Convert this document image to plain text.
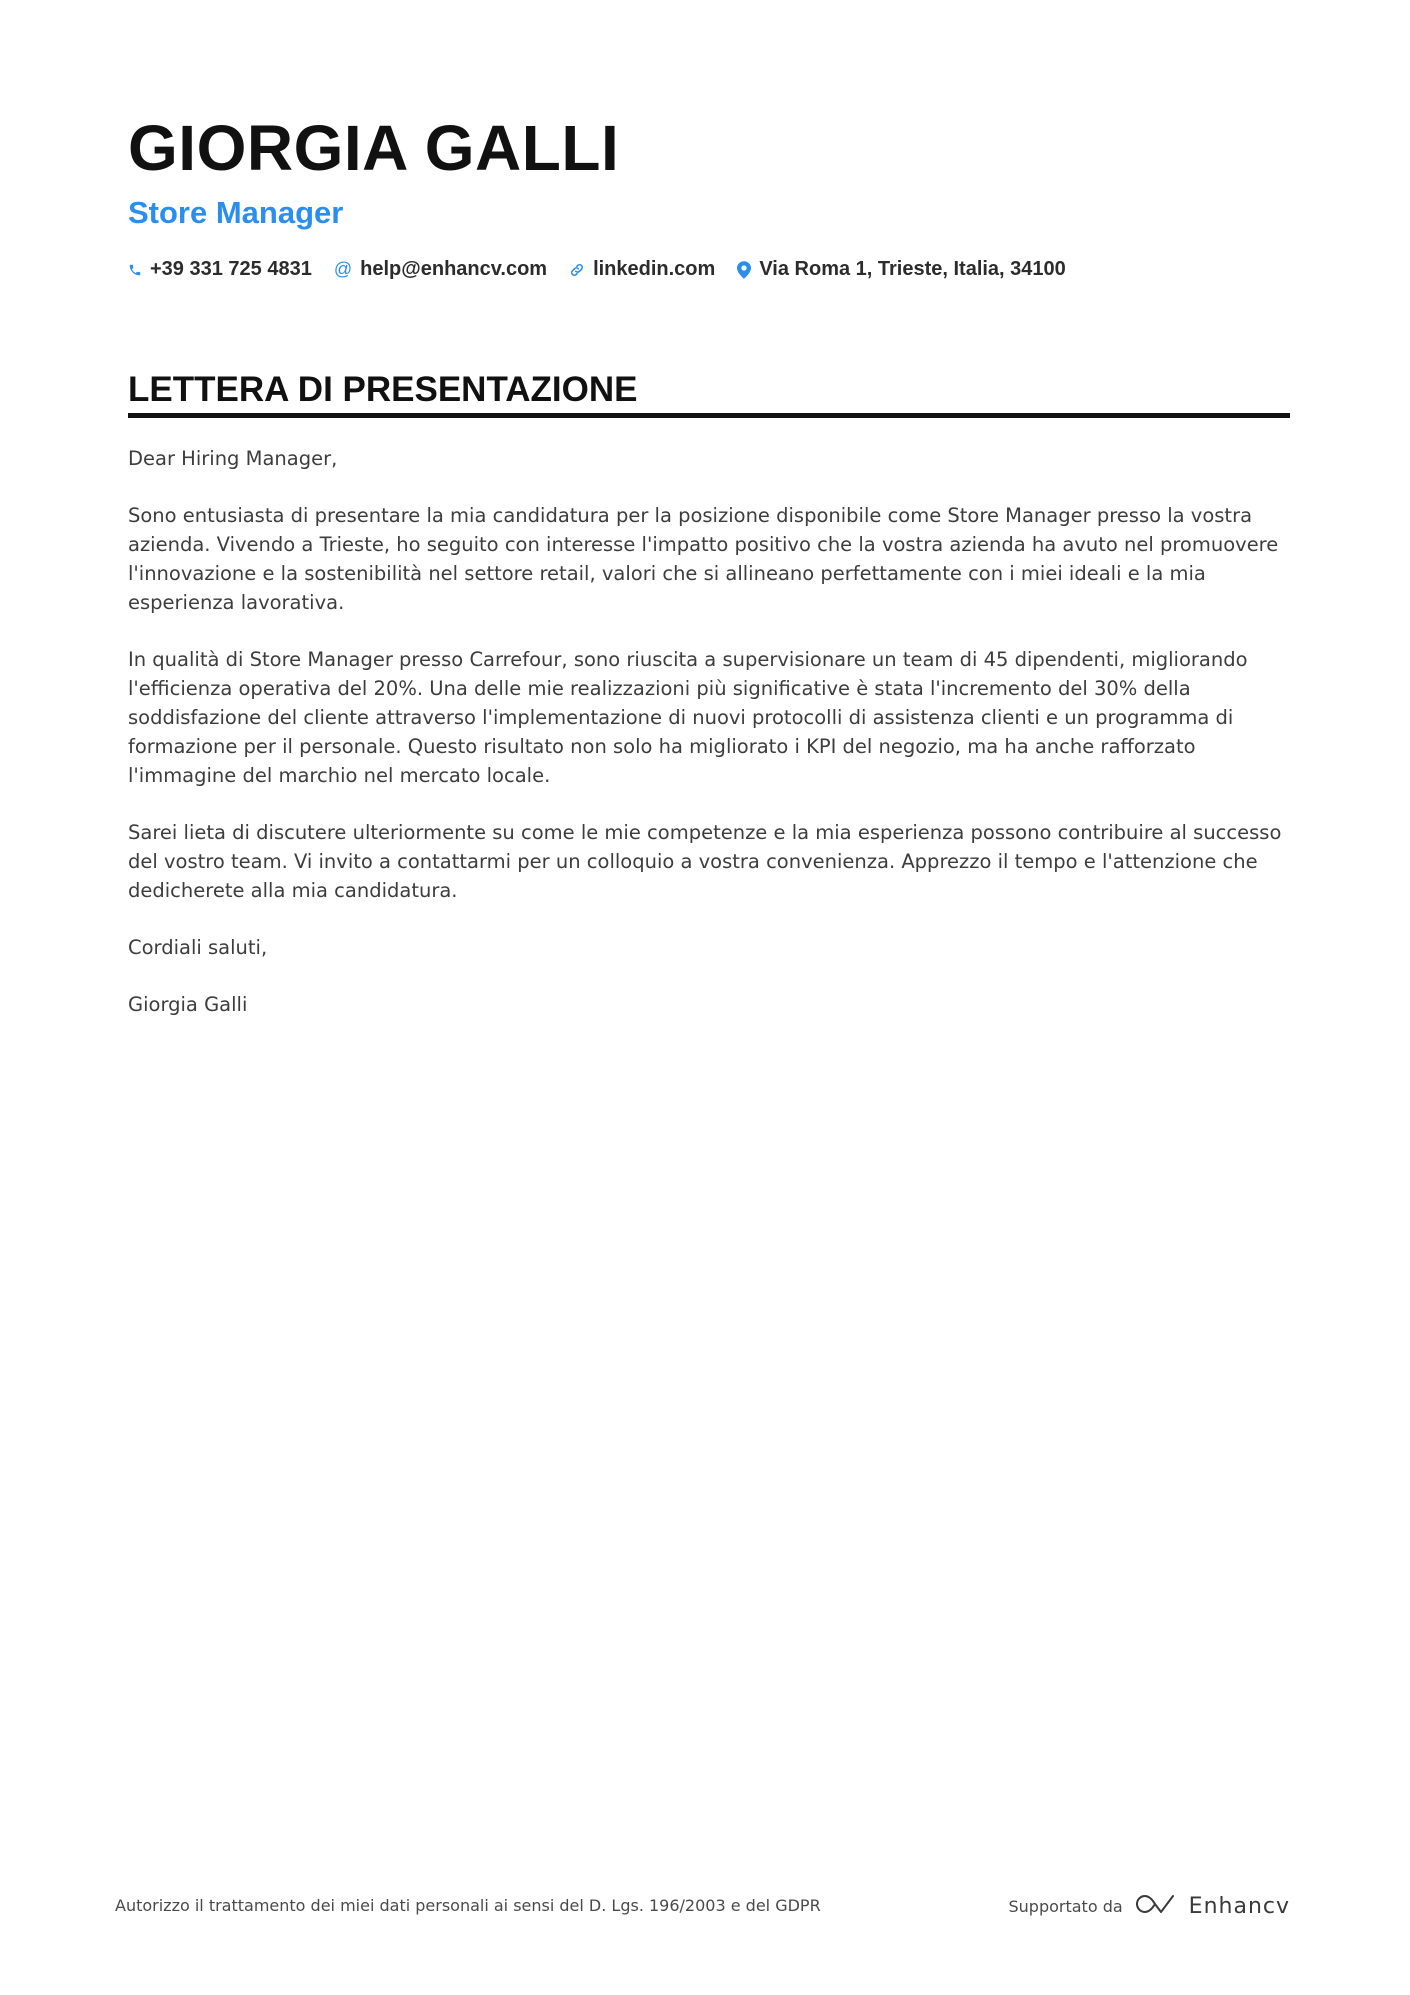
GIORGIA GALLI
Store Manager
+39 331 725 4831 @ help@enhancv.com linkedin.com Via Roma 1, Trieste, Italia, 34100
LETTERA DI PRESENTAZIONE

Dear Hiring Manager,

Sono entusiasta di presentare la mia candidatura per la posizione disponibile come Store Manager presso la vostra azienda. Vivendo a Trieste, ho seguito con interesse l'impatto positivo che la vostra azienda ha avuto nel promuovere l'innovazione e la sostenibilità nel settore retail, valori che si allineano perfettamente con i miei ideali e la mia esperienza lavorativa.

In qualità di Store Manager presso Carrefour, sono riuscita a supervisionare un team di 45 dipendenti, migliorando l'efficienza operativa del 20%. Una delle mie realizzazioni più significative è stata l'incremento del 30% della soddisfazione del cliente attraverso l'implementazione di nuovi protocolli di assistenza clienti e un programma di formazione per il personale. Questo risultato non solo ha migliorato i KPI del negozio, ma ha anche rafforzato l'immagine del marchio nel mercato locale.

Sarei lieta di discutere ulteriormente su come le mie competenze e la mia esperienza possono contribuire al successo del vostro team. Vi invito a contattarmi per un colloquio a vostra convenienza. Apprezzo il tempo e l'attenzione che dedicherete alla mia candidatura.

Cordiali saluti,

Giorgia Galli

Autorizzo il trattamento dei miei dati personali ai sensi del D. Lgs. 196/2003 e del GDPR	Supportato da	Enhancv
